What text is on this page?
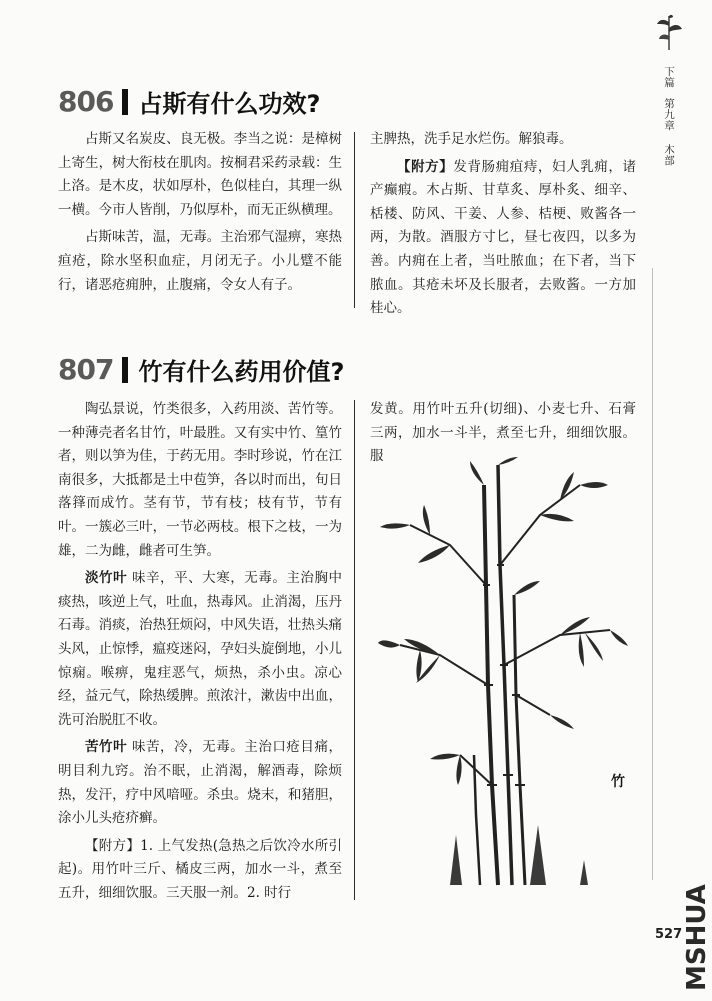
下篇
第九章
木部
527 MSHUA
806 占斯有什么功效?

占斯又名炭皮、良无极。李当之说：是樟树上寄生，树大衔枝在肌肉。按桐君采药录载：生上洛。是木皮，状如厚朴，色似桂白，其理一纵一横。今市人皆削，乃似厚朴，而无正纵横理。

占斯味苦，温，无毒。主治邪气湿痹，寒热疸疮，除水坚积血症，月闭无子。小儿躄不能行，诸恶疮痈肿，止腹痛，令女人有子。

主脾热，洗手足水烂伤。解狼毒。

【附方】发背肠痈疽痔，妇人乳痈，诸产癫瘕。木占斯、甘草炙、厚朴炙、细辛、栝楼、防风、干姜、人参、桔梗、败酱各一两，为散。酒服方寸匕，昼七夜四，以多为善。内痈在上者，当吐脓血；在下者，当下脓血。其疮未坏及长服者，去败酱。一方加桂心。

807 竹有什么药用价值?

陶弘景说，竹类很多，入药用淡、苦竹等。一种薄壳者名甘竹，叶最胜。又有实中竹、篁竹者，则以笋为佳，于药无用。李时珍说，竹在江南很多，大抵都是土中苞笋，各以时而出，旬日落箨而成竹。茎有节，节有枝；枝有节，节有叶。一簇必三叶，一节必两枝。根下之枝，一为雄，二为雌，雌者可生笋。

淡竹叶 味辛，平、大寒，无毒。主治胸中痰热，咳逆上气，吐血，热毒风。止消渴，压丹石毒。消痰，治热狂烦闷，中风失语，壮热头痛头风，止惊悸，瘟疫迷闷，孕妇头旋倒地，小儿惊痫。喉痹，鬼疰恶气，烦热，杀小虫。凉心经，益元气，除热缓脾。煎浓汁，漱齿中出血，洗可治脱肛不收。

苦竹叶 味苦，冷，无毒。主治口疮目痛，明目利九窍。治不眠，止消渴，解酒毒，除烦热，发汗，疗中风喑哑。杀虫。烧末，和猪胆，涂小儿头疮疥癣。

【附方】1. 上气发热(急热之后饮冷水所引起)。用竹叶三斤、橘皮三两，加水一斗，煮至五升，细细饮服。三天服一剂。2. 时行

发黄。用竹叶五升(切细)、小麦七升、石膏三两，加水一斗半，煮至七升，细细饮服。服

竹
